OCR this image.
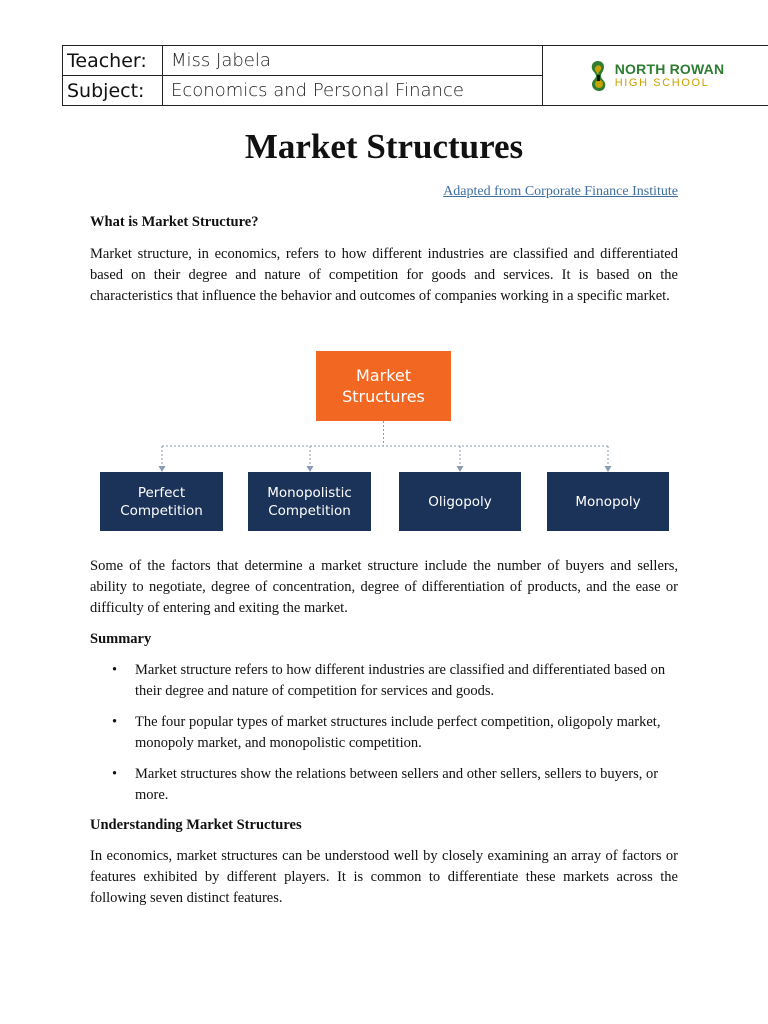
Teacher:	Miss Jabela
Subject:	Economics and Personal Finance
NORTH ROWAN
HIGH SCHOOL
Market Structures
Adapted from Corporate Finance Institute
What is Market Structure?
Market structure, in economics, refers to how different industries are classified and differentiated based on their degree and nature of competition for goods and services. It is based on the characteristics that influence the behavior and outcomes of companies working in a specific market.
Market Structures
Perfect Competition
Monopolistic Competition
Oligopoly	Monopoly
Some of the factors that determine a market structure include the number of buyers and sellers, ability to negotiate, degree of concentration, degree of differentiation of products, and the ease or difficulty of entering and exiting the market.
Summary
• Market structure refers to how different industries are classified and differentiated based on their degree and nature of competition for services and goods.
• The four popular types of market structures include perfect competition, oligopoly market, monopoly market, and monopolistic competition.
• Market structures show the relations between sellers and other sellers, sellers to buyers, or more.
Understanding Market Structures
In economics, market structures can be understood well by closely examining an array of factors or features exhibited by different players. It is common to differentiate these markets across the following seven distinct features.
